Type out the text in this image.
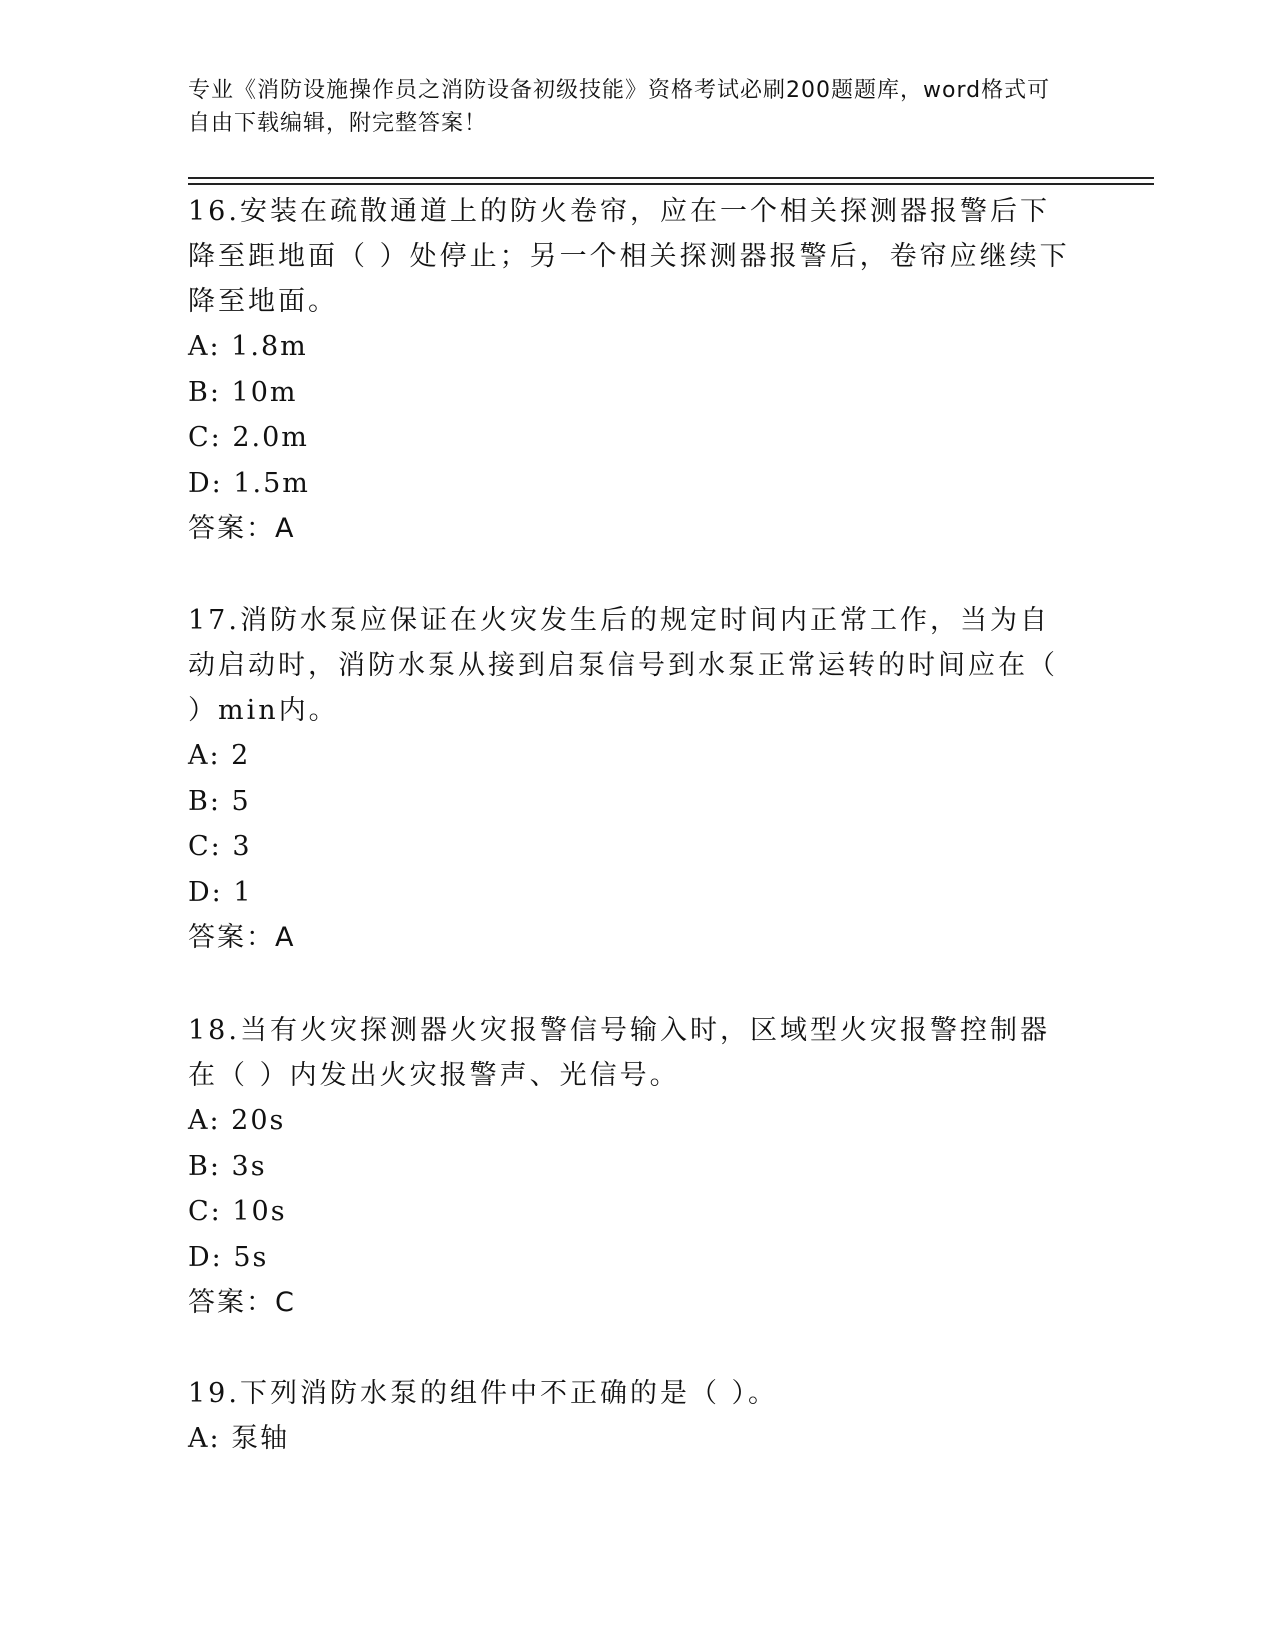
专业《消防设施操作员之消防设备初级技能》资格考试必刷200题题库，word格式可自由下载编辑，附完整答案！

16.安装在疏散通道上的防火卷帘，应在一个相关探测器报警后下降至距地面（ ）处停止；另一个相关探测器报警后，卷帘应继续下降至地面。

A: 1.8m

B: 10m

C: 2.0m

D: 1.5m

答案：A

17.消防水泵应保证在火灾发生后的规定时间内正常工作，当为自动启动时，消防水泵从接到启泵信号到水泵正常运转的时间应在（ ）min内。

A: 2

B: 5

C: 3

D: 1

答案：A

18.当有火灾探测器火灾报警信号输入时，区域型火灾报警控制器在（ ）内发出火灾报警声、光信号。

A: 20s

B: 3s

C: 10s

D: 5s

答案：C

19.下列消防水泵的组件中不正确的是（ ）。

A: 泵轴
